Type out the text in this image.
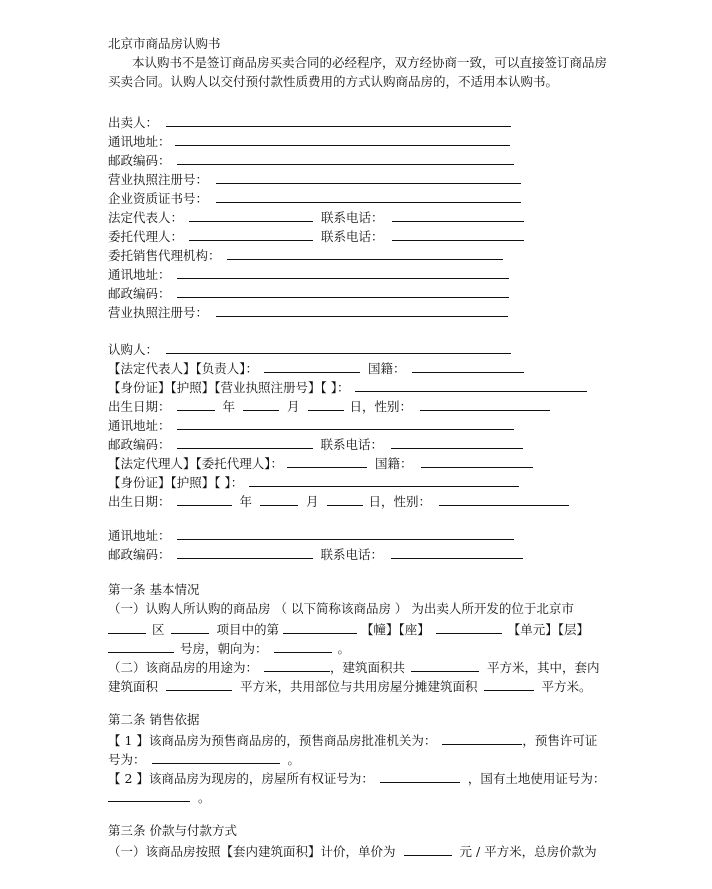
北京市商品房认购书
本认购书不是签订商品房买卖合同的必经程序，双方经协商一致，可以直接签订商品房
买卖合同。认购人以交付预付款性质费用的方式认购商品房的，不适用本认购书。
出卖人：
通讯地址：
邮政编码：
营业执照注册号：
企业资质证书号：
法定代表人：	联系电话：
委托代理人：	联系电话：
委托销售代理机构：
通讯地址：
邮政编码：
营业执照注册号：
认购人：
【法定代表人】【负责人】：	国籍：
【身份证】【护照】【营业执照注册号】【 】：
出生日期：	年	月	日，性别：
通讯地址：
邮政编码：	联系电话：
【法定代理人】【委托代理人】：	国籍：
【身份证】【护照】【 】：
出生日期：	年	月	日，性别：
通讯地址：
邮政编码：	联系电话：
第一条 基本情况
（一）认购人所认购的商品房 （ 以下简称该商品房 ） 为出卖人所开发的位于北京市
区	项目中的第	【幢】【座】	【单元】【层】
号房，朝向为：	。
（二）该商品房的用途为：	，建筑面积共	平方米，其中，套内
建筑面积	平方米，共用部位与共用房屋分摊建筑面积	平方米。
第二条 销售依据
【 1 】该商品房为预售商品房的，预售商品房批准机关为：	，预售许可证
号为：	。
【 2 】该商品房为现房的，房屋所有权证号为：	，国有土地使用证号为：
。
第三条 价款与付款方式
（一）该商品房按照【套内建筑面积】计价，单价为	元 / 平方米，总房价款为
